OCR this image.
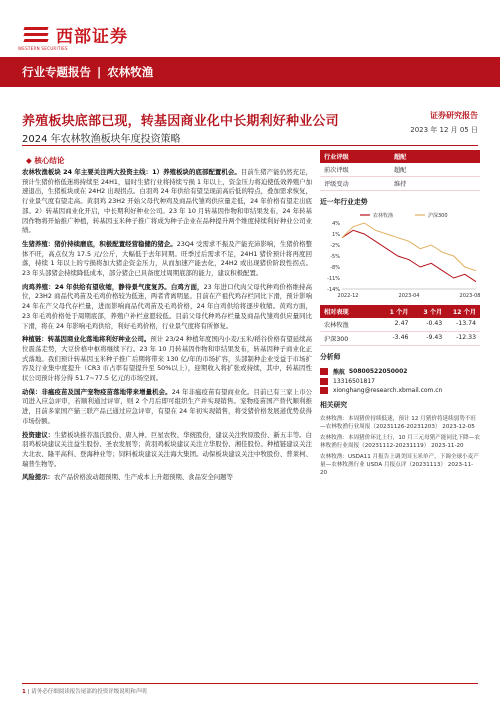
西部证券
WESTERN SECURITIES
行业专题报告 | 农林牧渔
养殖板块底部已现，转基因商业化中长期利好种业公司
2024 年农林牧渔板块年度投资策略
证券研究报告
2023 年 12 月 05 日
◆ 核心结论

农林牧渔板块 24 年主要关注两大投资主线：1）养殖板块的底部配置机会。目前生猪产能仍然充足，预计生猪价格低迷将持续至 24H1，届时生猪行业将持续亏损 1 年以上，资金压力将迫使低效养殖户加速退出，生猪板块或在 24H2 出现拐点。白羽鸡 24 年供给有望呈现前高后低的特点，叠加需求恢复，行业景气度有望走高。黄羽鸡 23H2 开始父母代种鸡及商品代雏鸡供应量走低，24 年价格有望走出底部。2）转基因商业化开启，中长期利好种业公司。23 年 10 月转基因作物和审结果发布，24 年转基因作物将开始推广种植，转基因玉米种子推广将成为种子企业在品种提升两个维度持续利好种业公司业绩。

生猪养殖：猪价持续磨底，积极配置经营稳健的猪企。23Q4 受需求不振及产能充沛影响，生猪价格整体不旺，高点仅为 17.5 元/公斤，大幅低于去年同期。旺季过后需求不足，24H1 猪价预计将再度回落，持续 1 年以上的亏损将加大猪企资金压力，从而加速产能去化，24H2 或出现猪价阶段性拐点。23 年头部猪企持续降低成本，部分猪企已具备度过周期底部的能力，建议积极配置。

肉鸡养殖：24 年供给有望收缩，静待景气度复苏。白鸡方面，23 年进口代肉父母代种鸡价格维持高位，23H2 商品代鸡苗及毛鸡价格较为低迷，两者背离明显。目前在产祖代鸡存栏同比下滑，预计影响 24 年在产父母代存栏量，进而影响商品代鸡苗及毛鸡价格，24 年白鸡供给将逐步收缩。黄鸡方面，23 年毛鸡价格处于周期底部，养殖户补栏意愿较低。目前父母代种鸡存栏量及商品代雏鸡供应量同比下滑，将在 24 年影响毛鸡供给，利好毛鸡价格，行业景气度将有所修复。

种植链：转基因商业化落地将利好种业公司。预计 23/24 种植年度国内小麦/玉米/稻谷价格有望延续高位震荡走势，大豆价格中枢将继续下行。23 年 10 月转基因作物和审结果发布，转基因种子商业化正式落地。我们预计转基因玉米种子推广后期将带来 130 亿/年的市场扩容，头部制种企业受益于市场扩容及行业集中度提升（CR3 市占率有望提升至 50%以上），迎期收入将扩张或持续，其中，转基因性状公司预计将分得 51.7~77.5 亿元的市场空间。

动保：非瘟疫苗及国产宠物疫苗落地带来增量机会。24 年非瘟疫苗有望商业化。目前已有三家上市公司进入应急评审，若顺利通过评审，则 2 个月后即可组织生产并实现销售。宠物疫苗国产替代顺利推进，目前多家国产猫三联产品已通过应急评审，有望在 24 年初实现销售，将受猪价格发展道优势获得市场份额。

投资建议：生猪板块推荐温氏股份、唐人神、巨星农牧、华统股份，建议关注牧原股份、新五丰等。白羽鸡板块建议关注益生股份、圣农发展等；黄羽鸡板块建议关注立华股份、湘佳股份。种植链建议关注大北农、隆平高科、登海种业等；饲料板块建议关注海大集团。动保板块建议关注中牧股份、普莱柯、瑞普生物等。

风险提示：农产品价格波动超预期、生产成本上升超预期、食品安全问题等

行业评级	超配
前次评级	超配
评级变动	维持
近一年行业走势
农林牧渔	沪深300
4%
1%
-2%
-5%
-8%
-11%
-14%
2022-12	2023-04	2023-08
相对表现	1 个月	3 个月	12 个月
农林牧渔	2.47	-0.43	-13.74
沪深300	-3.46	-9.43	-12.33
分析师
熊航
S0800522050002
13316501817
xionghang@research.xbmail.com.cn
相关研究
农林牧渔：本周猪价持续低迷，预计 12 月猪价将延续弱势不旺—农林牧渔行业周报（20231126-20231203） 2023-12-05
农林牧渔：本周猪价环比上行，10 月三元母猪产能同比下降—农林牧渔行业周报（20231112-20231119） 2023-11-20
农林牧渔：USDA11 月报告上调美国玉米单产，下调全球小麦产量—农林牧渔行业 USDA 月报点评（20231113） 2023-11-20
1 | 请务必仔细阅读报告尾部的投资评级说明和声明
